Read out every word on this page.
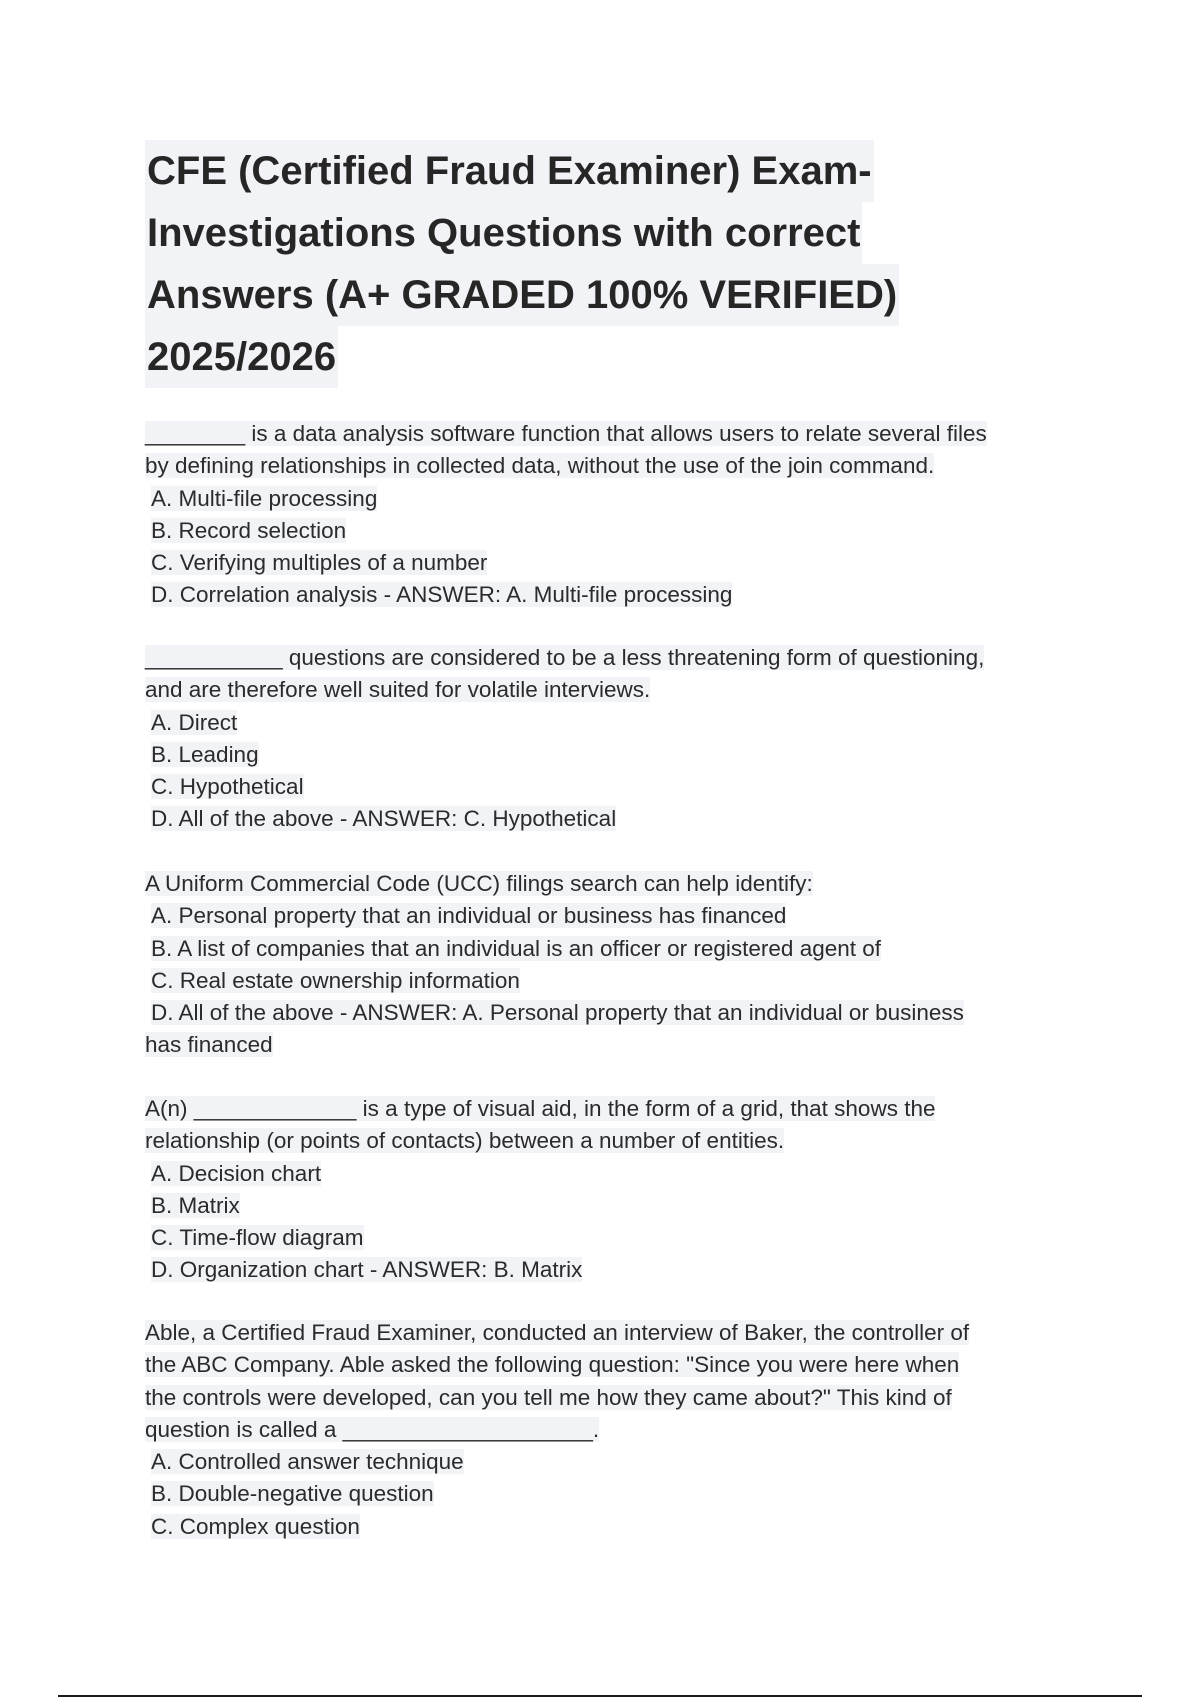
CFE (Certified Fraud Examiner) Exam-
Investigations Questions with correct
Answers (A+ GRADED 100% VERIFIED)
2025/2026
________ is a data analysis software function that allows users to relate several files
by defining relationships in collected data, without the use of the join command.
A. Multi-file processing
B. Record selection
C. Verifying multiples of a number
D. Correlation analysis - ANSWER: A. Multi-file processing
___________ questions are considered to be a less threatening form of questioning,
and are therefore well suited for volatile interviews.
A. Direct
B. Leading
C. Hypothetical
D. All of the above - ANSWER: C. Hypothetical
A Uniform Commercial Code (UCC) filings search can help identify:
A. Personal property that an individual or business has financed
B. A list of companies that an individual is an officer or registered agent of
C. Real estate ownership information
D. All of the above - ANSWER: A. Personal property that an individual or business
has financed
A(n) _____________ is a type of visual aid, in the form of a grid, that shows the
relationship (or points of contacts) between a number of entities.
A. Decision chart
B. Matrix
C. Time-flow diagram
D. Organization chart - ANSWER: B. Matrix
Able, a Certified Fraud Examiner, conducted an interview of Baker, the controller of
the ABC Company. Able asked the following question: "Since you were here when
the controls were developed, can you tell me how they came about?" This kind of
question is called a ____________________.
A. Controlled answer technique
B. Double-negative question
C. Complex question
